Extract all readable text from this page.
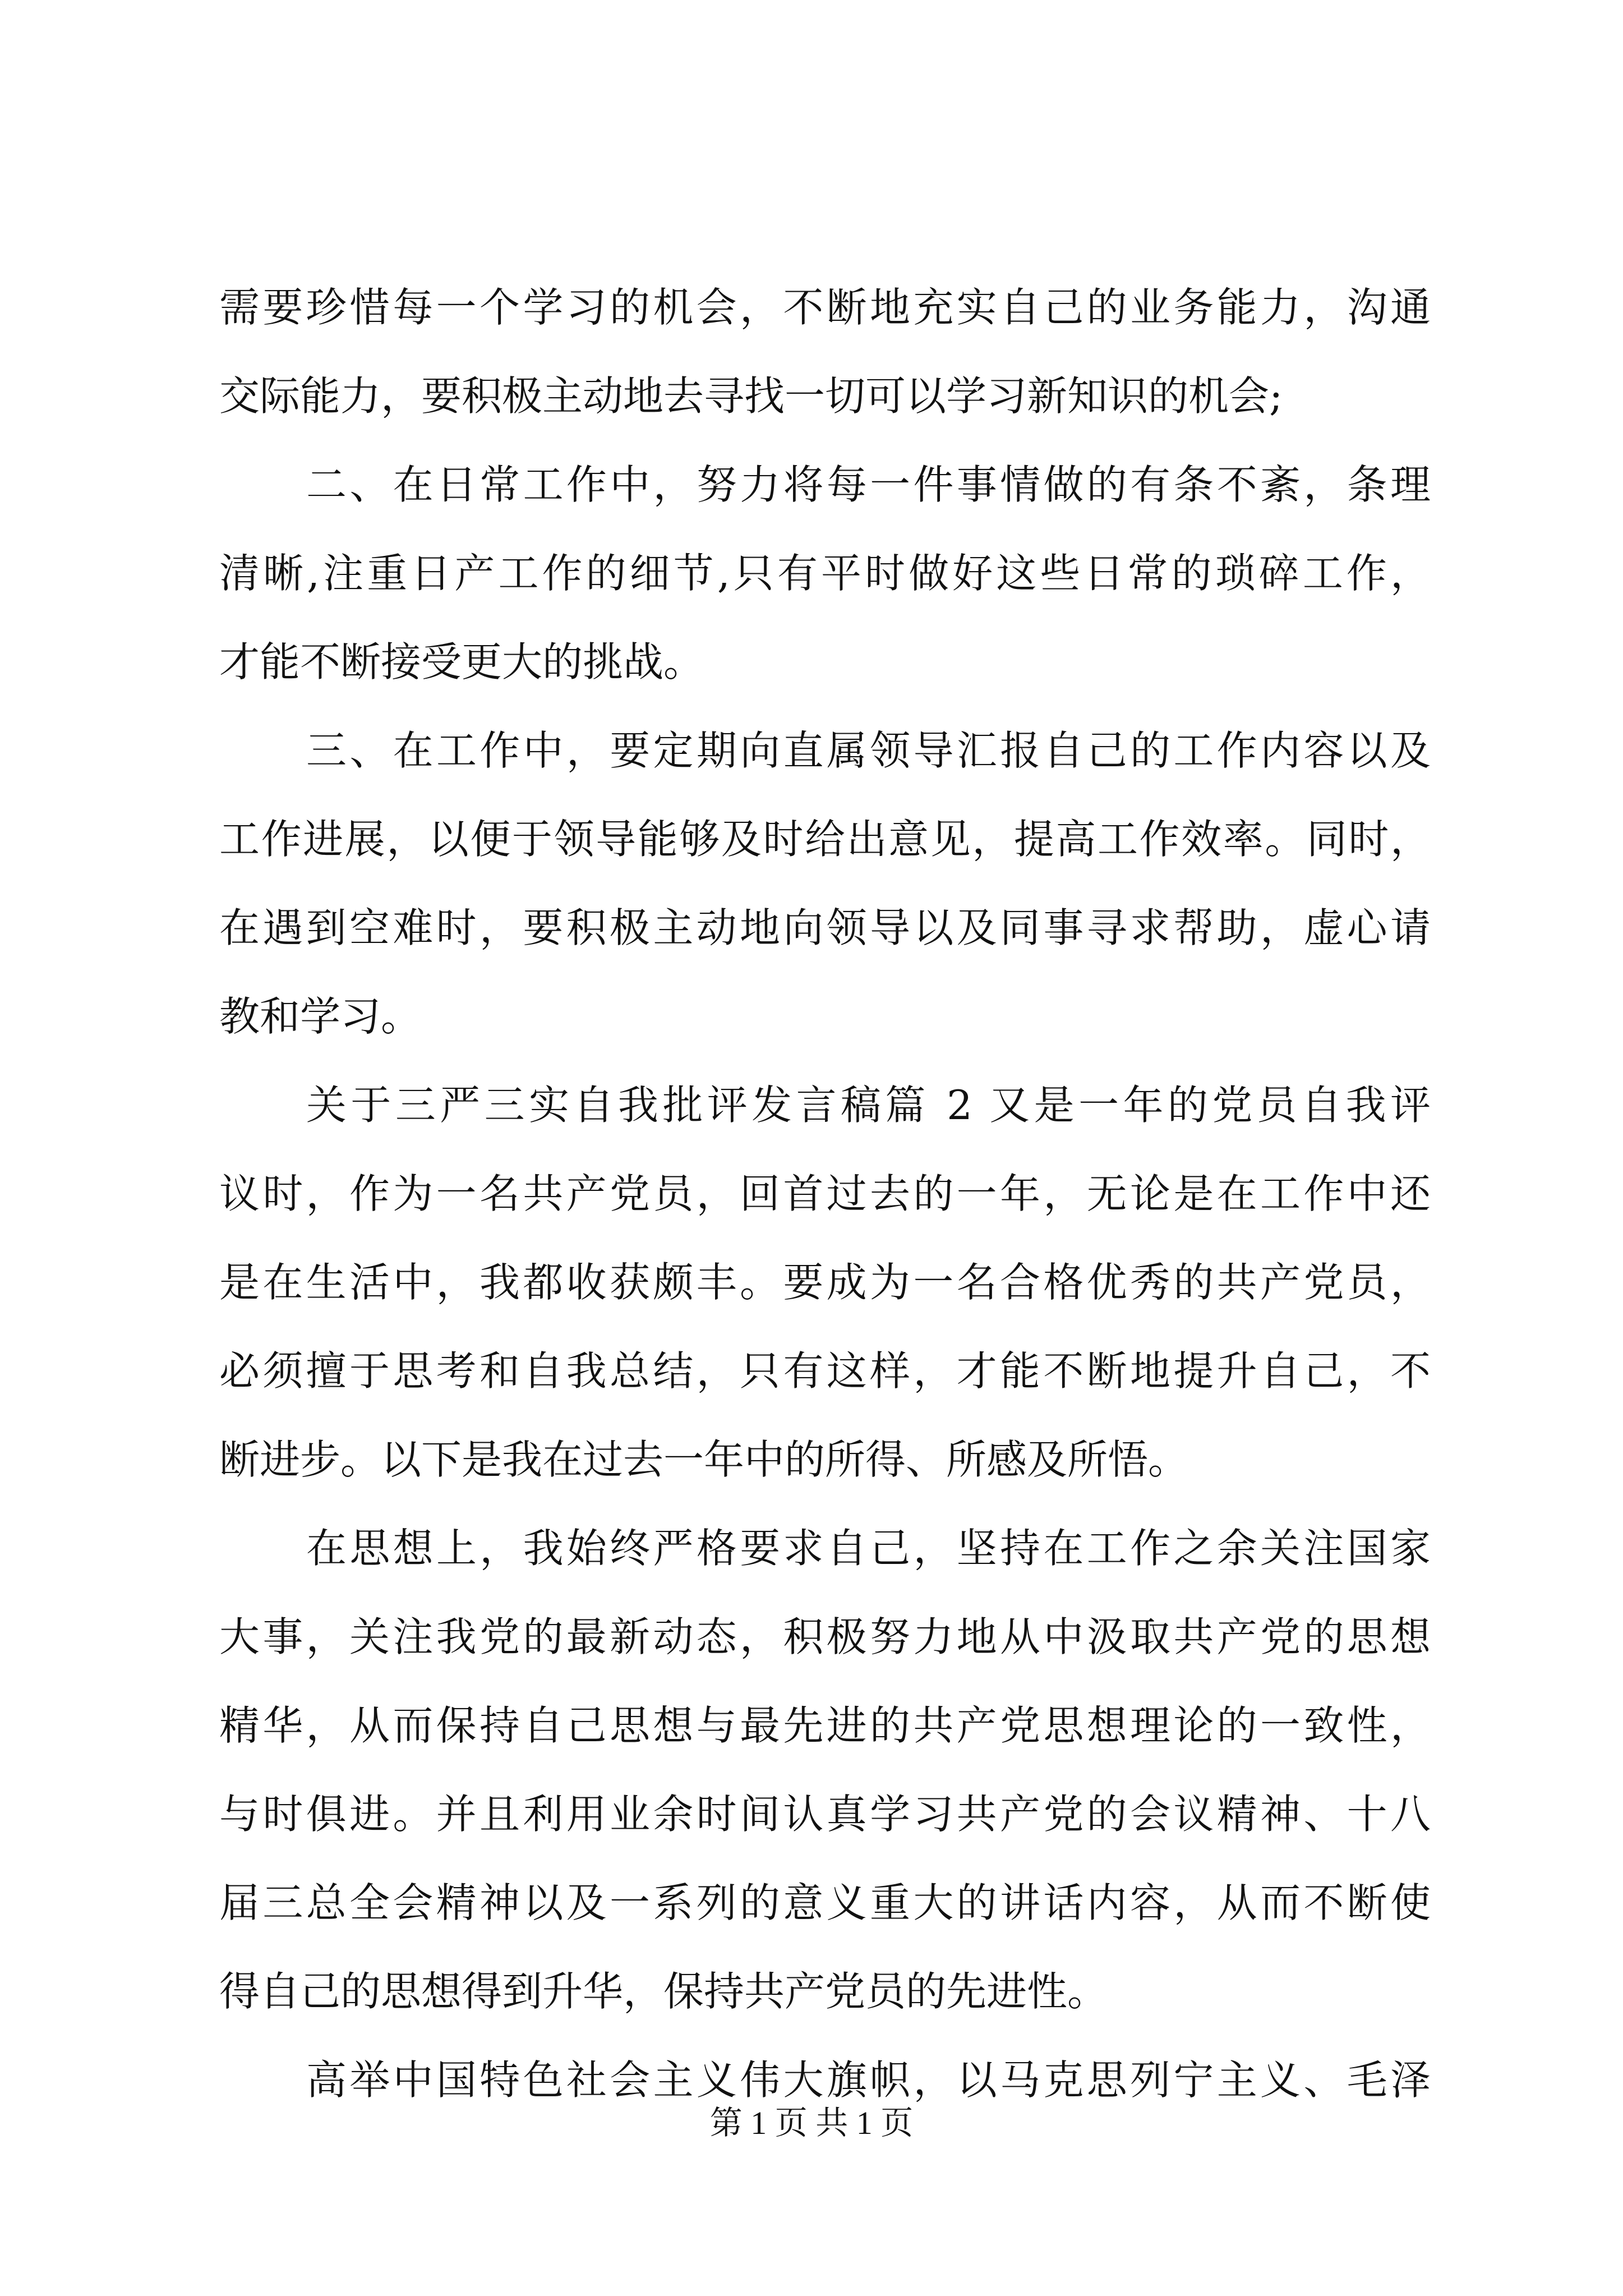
需要珍惜每一个学习的机会，不断地充实自己的业务能力，沟通
交际能力，要积极主动地去寻找一切可以学习新知识的机会;
二、在日常工作中，努力将每一件事情做的有条不紊，条理
清晰,注重日产工作的细节,只有平时做好这些日常的琐碎工作，
才能不断接受更大的挑战。
三、在工作中，要定期向直属领导汇报自己的工作内容以及
工作进展，以便于领导能够及时给出意见，提高工作效率。同时，
在遇到空难时，要积极主动地向领导以及同事寻求帮助，虚心请
教和学习。
关于三严三实自我批评发言稿篇 2 又是一年的党员自我评
议时，作为一名共产党员，回首过去的一年，无论是在工作中还
是在生活中，我都收获颇丰。要成为一名合格优秀的共产党员，
必须擅于思考和自我总结，只有这样，才能不断地提升自己，不
断进步。以下是我在过去一年中的所得、所感及所悟。
在思想上，我始终严格要求自己，坚持在工作之余关注国家
大事，关注我党的最新动态，积极努力地从中汲取共产党的思想
精华，从而保持自己思想与最先进的共产党思想理论的一致性，
与时俱进。并且利用业余时间认真学习共产党的会议精神、十八
届三总全会精神以及一系列的意义重大的讲话内容，从而不断使
得自己的思想得到升华，保持共产党员的先进性。
第 1 页 共 1 页
高举中国特色社会主义伟大旗帜，以马克思列宁主义、毛泽
